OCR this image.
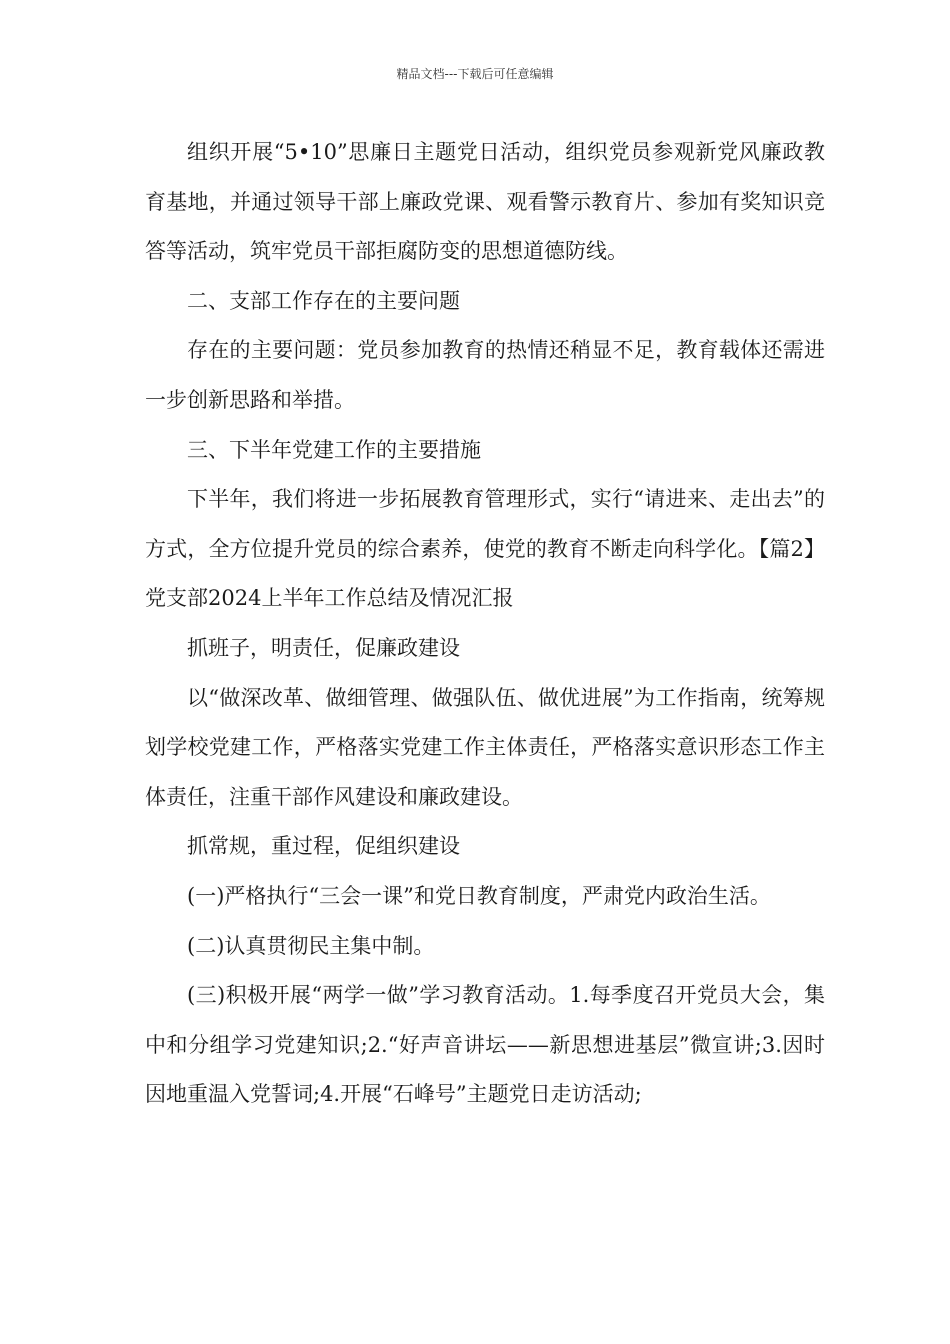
精品文档---下载后可任意编辑

组织开展“5•10”思廉日主题党日活动，组织党员参观新党风廉政教育基地，并通过领导干部上廉政党课、观看警示教育片、参加有奖知识竞答等活动，筑牢党员干部拒腐防变的思想道德防线。

二、支部工作存在的主要问题

存在的主要问题：党员参加教育的热情还稍显不足，教育载体还需进一步创新思路和举措。

三、下半年党建工作的主要措施

下半年，我们将进一步拓展教育管理形式，实行“请进来、走出去”的方式，全方位提升党员的综合素养，使党的教育不断走向科学化。【篇2】党支部2024上半年工作总结及情况汇报

抓班子，明责任，促廉政建设

以“做深改革、做细管理、做强队伍、做优进展”为工作指南，统筹规划学校党建工作，严格落实党建工作主体责任，严格落实意识形态工作主体责任，注重干部作风建设和廉政建设。

抓常规，重过程，促组织建设

(一)严格执行“三会一课”和党日教育制度，严肃党内政治生活。

(二)认真贯彻民主集中制。

(三)积极开展“两学一做”学习教育活动。1.每季度召开党员大会，集中和分组学习党建知识;2.“好声音讲坛——新思想进基层”微宣讲;3.因时因地重温入党誓词;4.开展“石峰号”主题党日走访活动;
